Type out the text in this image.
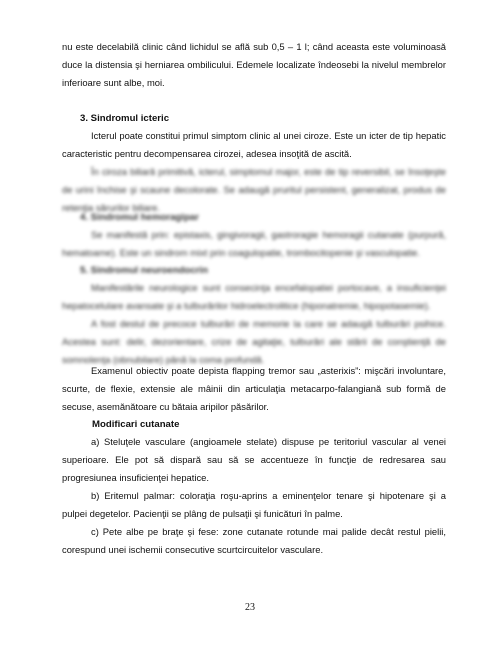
nu este decelabilă clinic când lichidul se află sub 0,5 – 1 l; când aceasta este voluminoasă duce la distensia şi herniarea ombilicului. Edemele localizate îndeosebi la nivelul membrelor inferioare sunt albe, moi.

3. Sindromul icteric

Icterul poate constitui primul simptom clinic al unei ciroze. Este un icter de tip hepatic caracteristic pentru decompensarea cirozei, adesea insoţită de ascită.

În ciroza biliară primitivă, icterul, simptomul major, este de tip reversibil, se însoţeşte de urini închise şi scaune decolorate. Se adaugă pruritul persistent, generalizat, produs de retenţia sărurilor biliare.

4. Sindromul hemoragipar

Se manifestă prin: epistaxis, gingivoragii, gastroragie hemoragii cutanate (purpură, hematoame). Este un sindrom mixt prin coagulopatie, trombocitopenie şi vasculopatie.

5. Sindromul neuroendocrin

Manifestările neurologice sunt consecinţa encefalopatiei portocave, a insuficienţei hepatocelulare avansate şi a tulburărilor hidroelectrolitice (hiponatremie, hipopotasemie).

A fost destul de precoce tulburări de memorie la care se adaugă tulburări psihice. Acestea sunt: delir, dezorientare, crize de agitaţie, tulburări ale stării de conştienţă de somnolenţa (obnubilare) până la coma profundă.

Examenul obiectiv poate depista flapping tremor sau „asterixis”: mişcări involuntare, scurte, de flexie, extensie ale mâinii din articulaţia metacarpo-falangiană sub formă de secuse, asemănătoare cu bătaia aripilor păsărilor.

Modificari cutanate

a) Steluţele vasculare (angioamele stelate) dispuse pe teritoriul vascular al venei superioare. Ele pot să dispară sau să se accentueze în funcţie de redresarea sau progresiunea insuficienţei hepatice.

b) Eritemul palmar: coloraţia roşu-aprins a eminenţelor tenare şi hipotenare şi a pulpei degetelor. Pacienţii se plâng de pulsaţii şi funicături în palme.

c) Pete albe pe braţe şi fese: zone cutanate rotunde mai palide decât restul pielii, corespund unei ischemii consecutive scurtcircuitelor vasculare.

23
